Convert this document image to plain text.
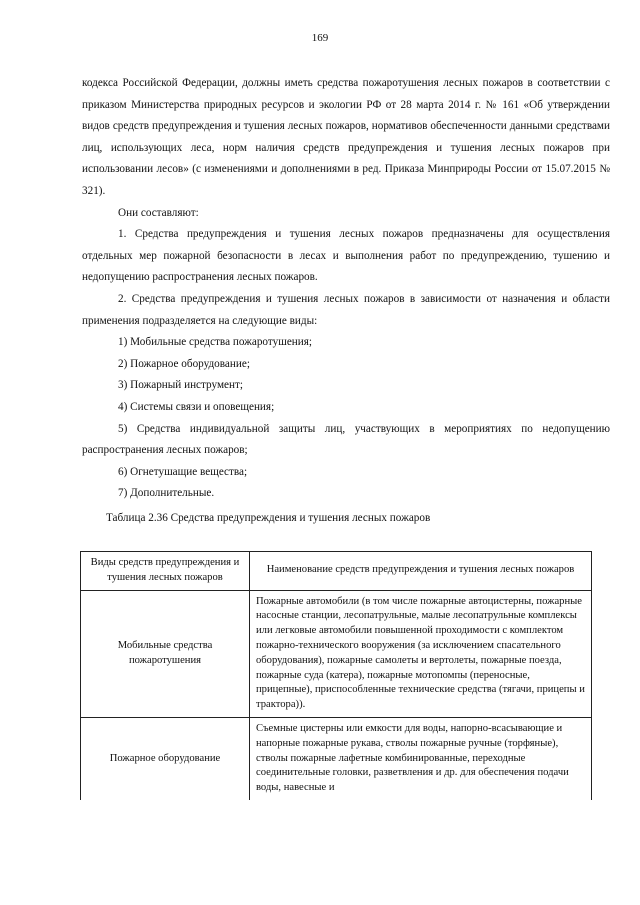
169

кодекса Российской Федерации, должны иметь средства пожаротушения лесных пожаров в соответствии с приказом Министерства природных ресурсов и экологии РФ от 28 марта 2014 г. № 161 «Об утверждении видов средств предупреждения и тушения лесных пожаров, нормативов обеспеченности данными средствами лиц, использующих леса, норм наличия средств предупреждения и тушения лесных пожаров при использовании лесов» (с изменениями и дополнениями в ред. Приказа Минприроды России от 15.07.2015 № 321).

Они составляют:

1. Средства предупреждения и тушения лесных пожаров предназначены для осуществления отдельных мер пожарной безопасности в лесах и выполнения работ по предупреждению, тушению и недопущению распространения лесных пожаров.

2. Средства предупреждения и тушения лесных пожаров в зависимости от назначения и области применения подразделяется на следующие виды:

1) Мобильные средства пожаротушения;

2) Пожарное оборудование;

3) Пожарный инструмент;

4) Системы связи и оповещения;

5) Средства индивидуальной защиты лиц, участвующих в мероприятиях по недопущению распространения лесных пожаров;

6) Огнетушащие вещества;

7) Дополнительные.

Таблица 2.36 Средства предупреждения и тушения лесных пожаров

Виды средств предупреждения и тушения лесных пожаров	Наименование средств предупреждения и тушения лесных пожаров
Мобильные средства пожаротушения	Пожарные автомобили (в том числе пожарные автоцистерны, пожарные насосные станции, лесопатрульные, малые лесопатрульные комплексы или легковые автомобили повышенной проходимости с комплектом пожарно-технического вооружения (за исключением спасательного оборудования), пожарные самолеты и вертолеты, пожарные поезда, пожарные суда (катера), пожарные мотопомпы (переносные, прицепные), приспособленные технические средства (тягачи, прицепы и трактора)).
Пожарное оборудование	Съемные цистерны или емкости для воды, напорно-всасывающие и напорные пожарные рукава, стволы пожарные ручные (торфяные), стволы пожарные лафетные комбинированные, переходные соединительные головки, разветвления и др. для обеспечения подачи воды, навесные и
